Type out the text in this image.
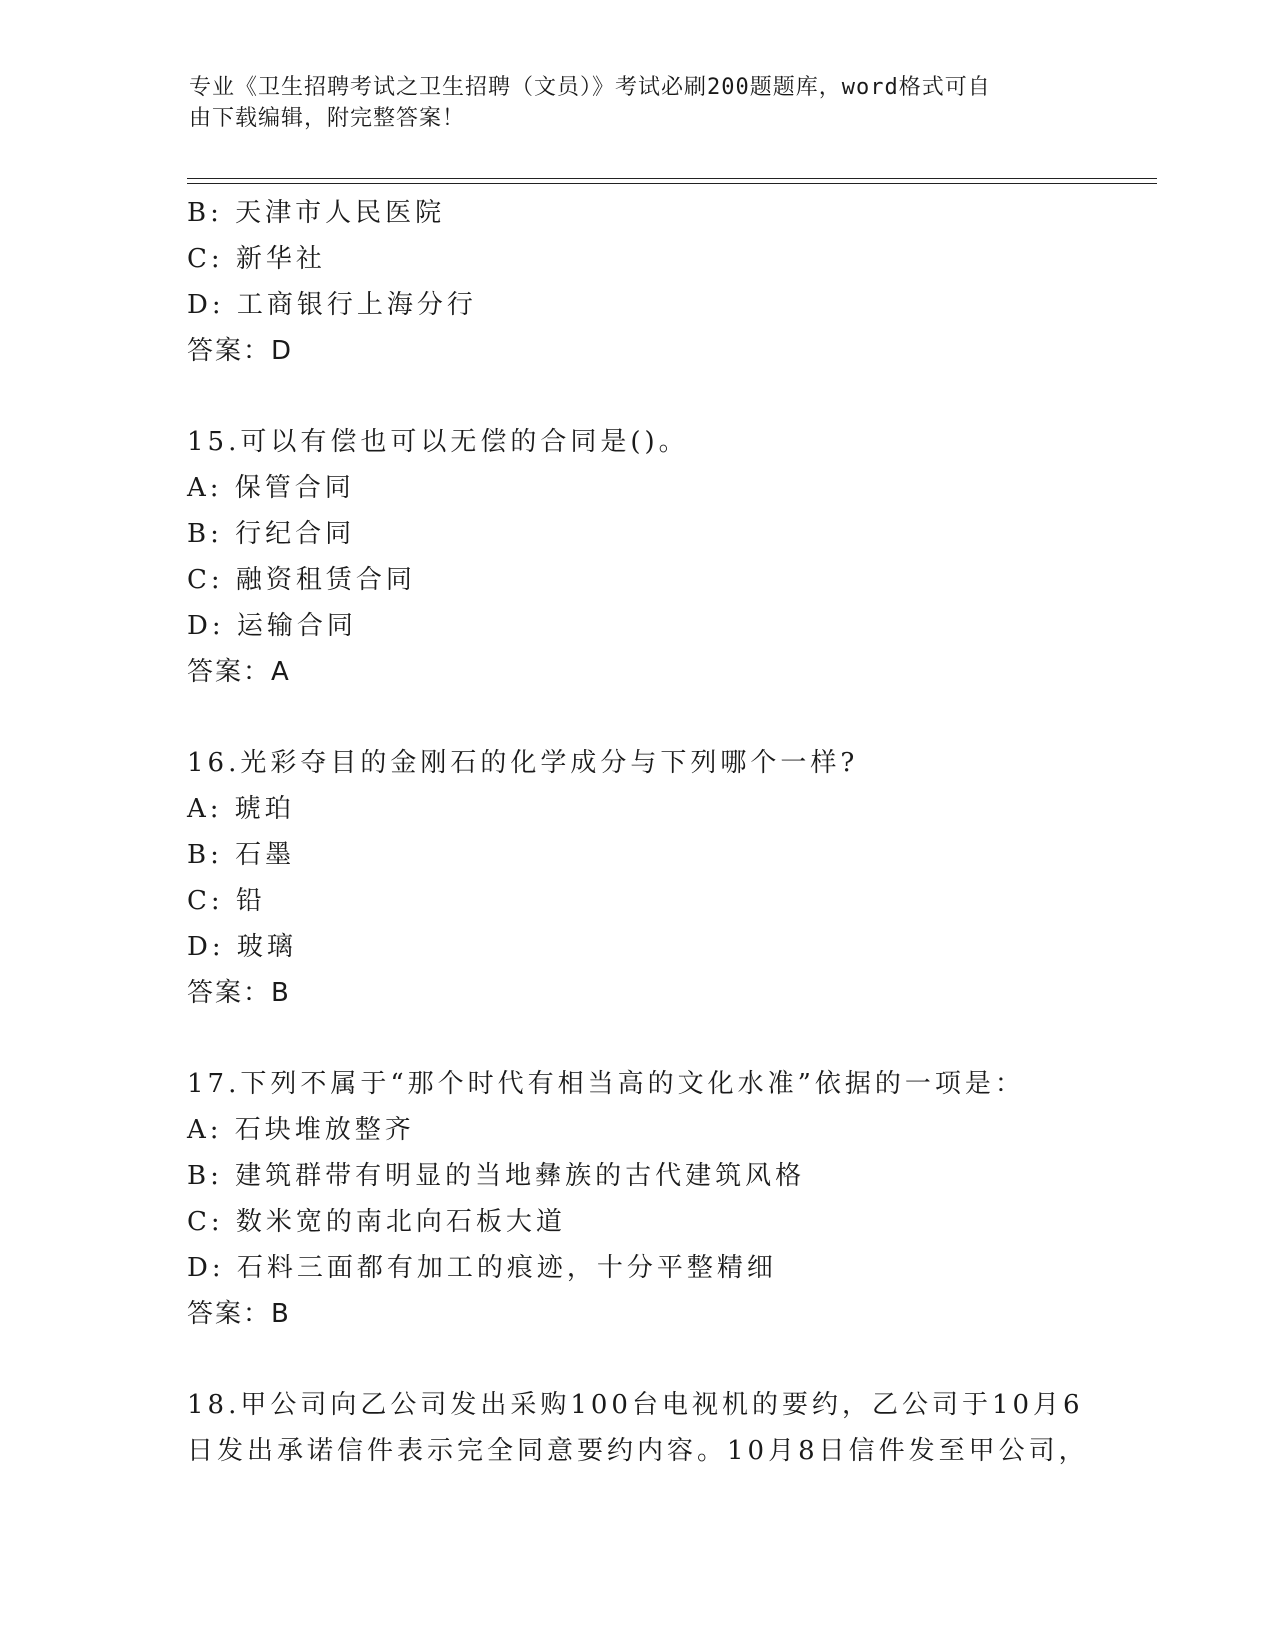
专业《卫生招聘考试之卫生招聘（文员）》考试必刷200题题库，word格式可自
由下载编辑，附完整答案！
B: 天津市人民医院
C: 新华社
D: 工商银行上海分行
答案：D
15.可以有偿也可以无偿的合同是()。
A: 保管合同
B: 行纪合同
C: 融资租赁合同
D: 运输合同
答案：A
16.光彩夺目的金刚石的化学成分与下列哪个一样?
A: 琥珀
B: 石墨
C: 铅
D: 玻璃
答案：B
17.下列不属于“那个时代有相当高的文化水准”依据的一项是：
A: 石块堆放整齐
B: 建筑群带有明显的当地彝族的古代建筑风格
C: 数米宽的南北向石板大道
D: 石料三面都有加工的痕迹，十分平整精细
答案：B
18.甲公司向乙公司发出采购100台电视机的要约，乙公司于10月6
日发出承诺信件表示完全同意要约内容。10月8日信件发至甲公司，
